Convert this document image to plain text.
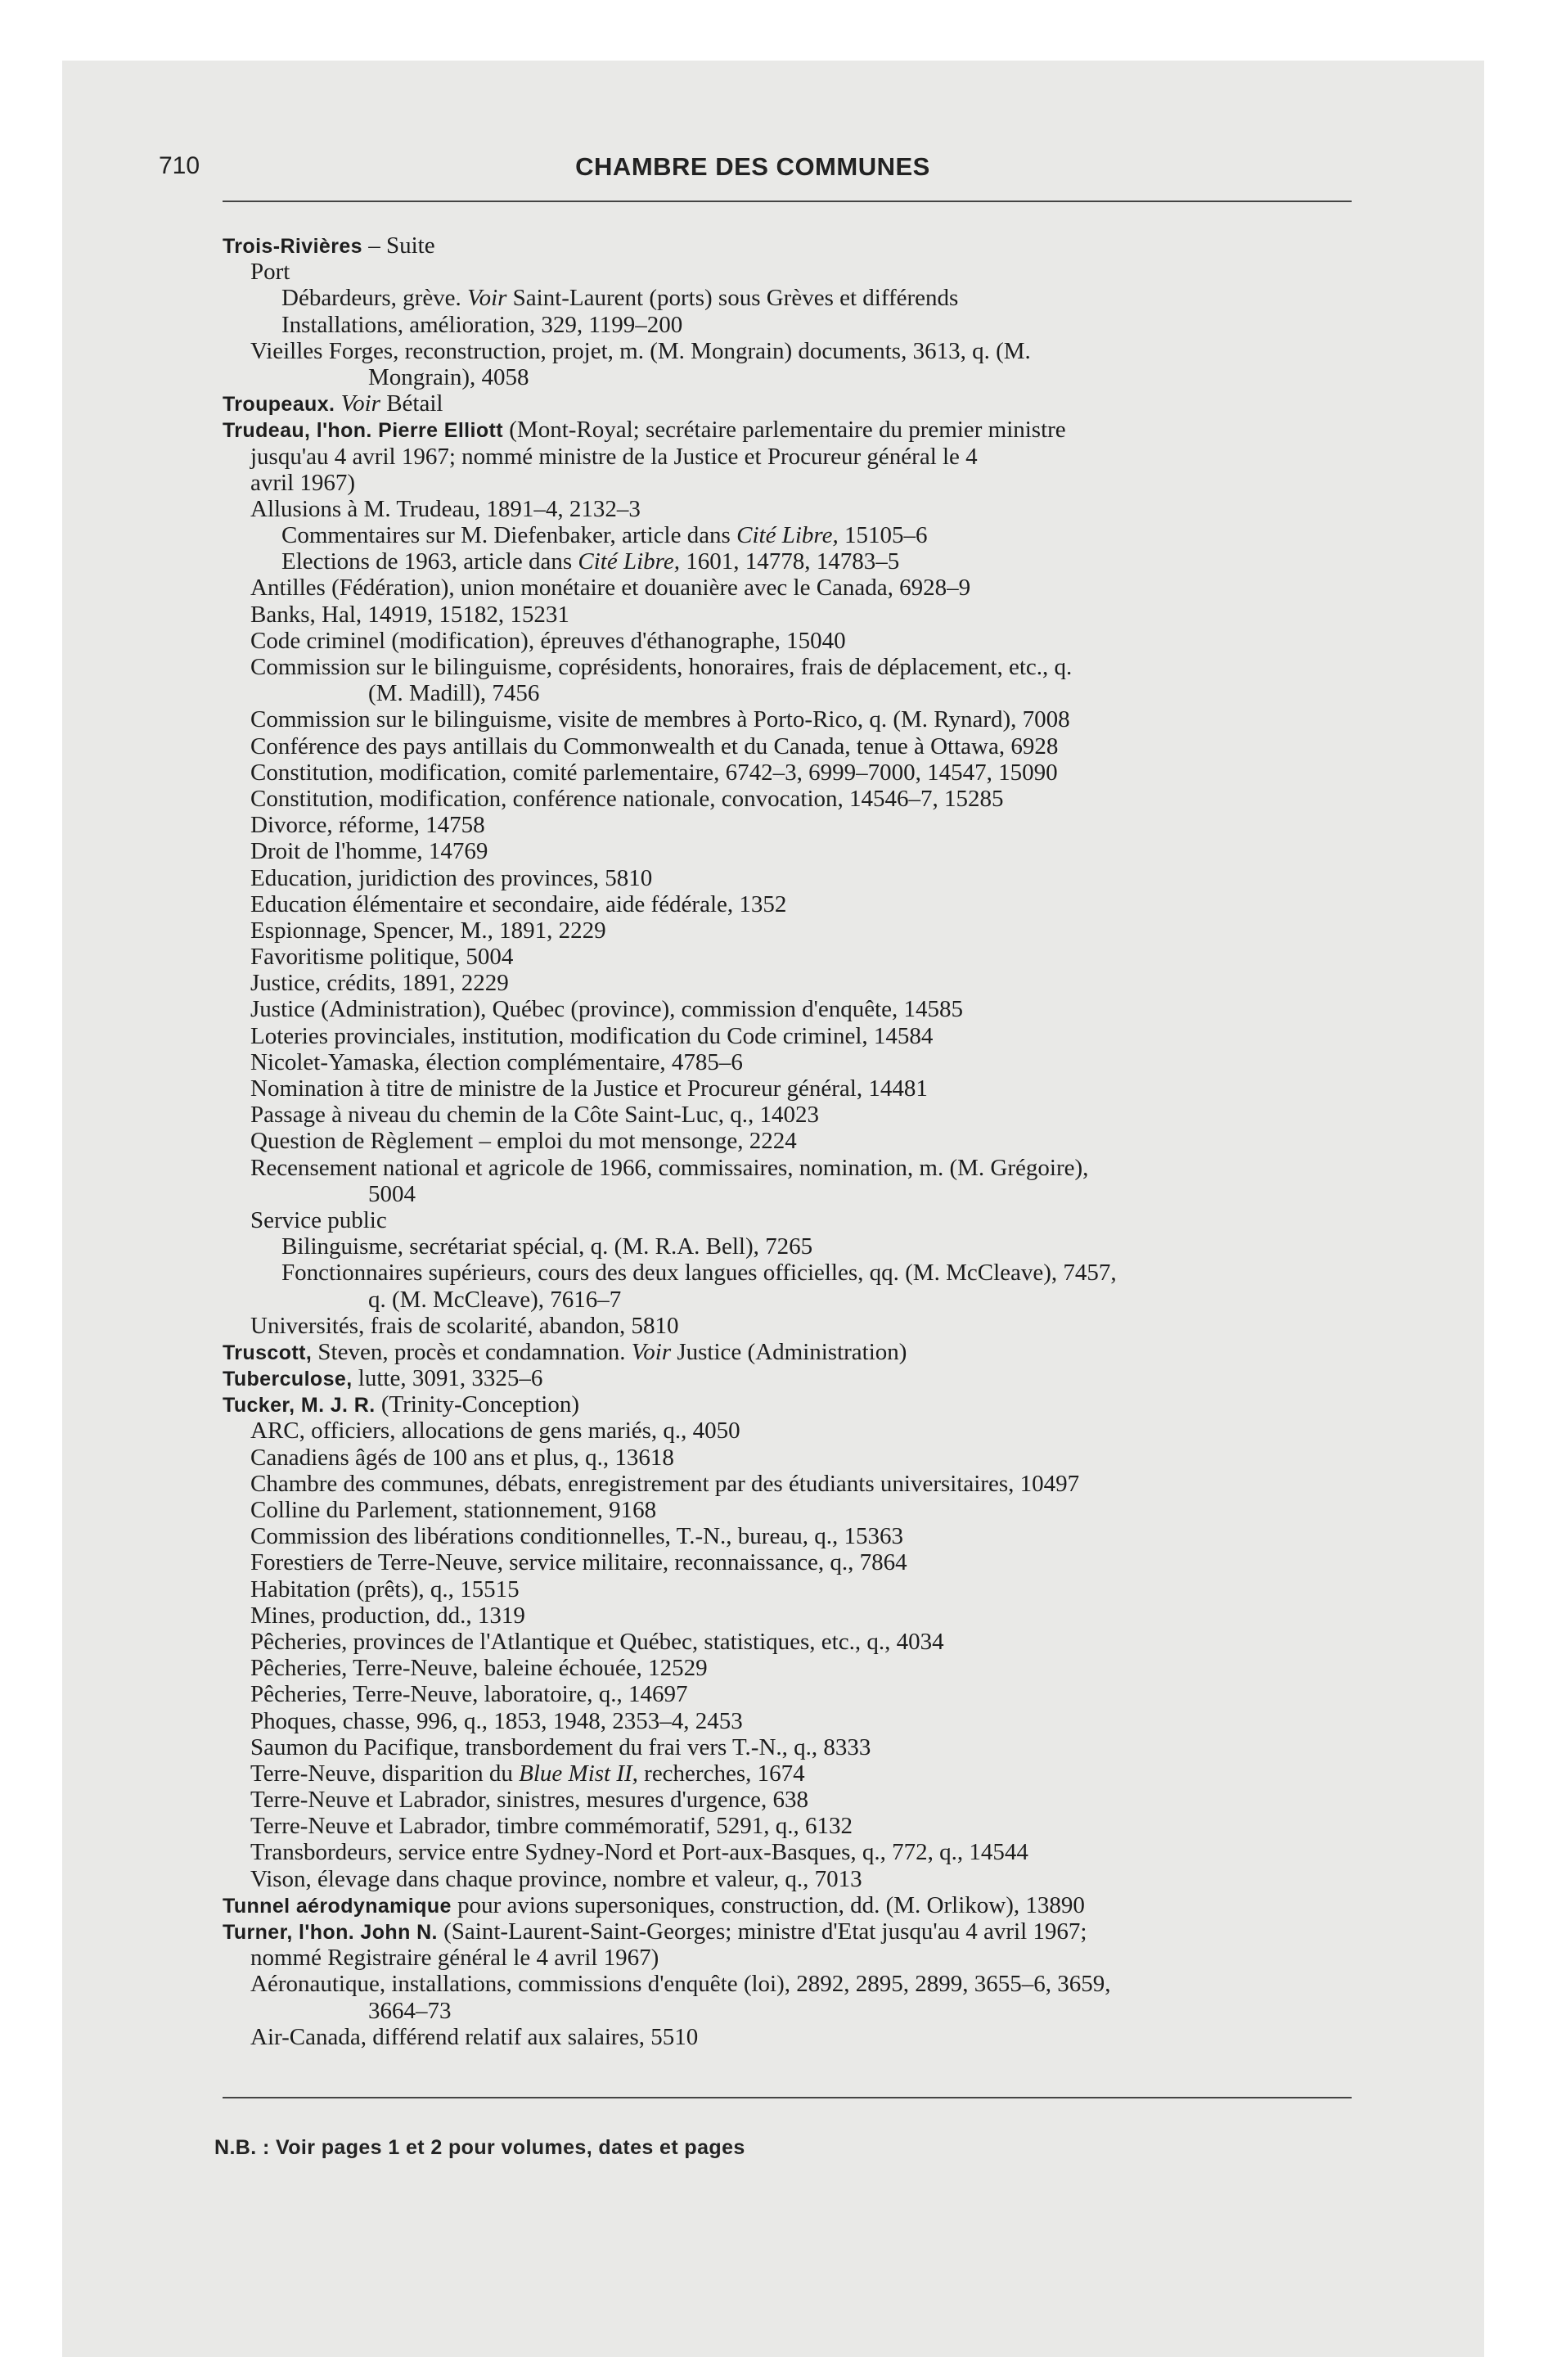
710	CHAMBRE DES COMMUNES
Trois-Rivières – Suite
Port
Débardeurs, grève. Voir Saint-Laurent (ports) sous Grèves et différends
Installations, amélioration, 329, 1199–200
Vieilles Forges, reconstruction, projet, m. (M. Mongrain) documents, 3613, q. (M.
Mongrain), 4058
Troupeaux. Voir Bétail
Trudeau, l'hon. Pierre Elliott (Mont-Royal; secrétaire parlementaire du premier ministre
jusqu'au 4 avril 1967; nommé ministre de la Justice et Procureur général le 4
avril 1967)
Allusions à M. Trudeau, 1891–4, 2132–3
Commentaires sur M. Diefenbaker, article dans Cité Libre, 15105–6
Elections de 1963, article dans Cité Libre, 1601, 14778, 14783–5
Antilles (Fédération), union monétaire et douanière avec le Canada, 6928–9
Banks, Hal, 14919, 15182, 15231
Code criminel (modification), épreuves d'éthanographe, 15040
Commission sur le bilinguisme, coprésidents, honoraires, frais de déplacement, etc., q.
(M. Madill), 7456
Commission sur le bilinguisme, visite de membres à Porto-Rico, q. (M. Rynard), 7008
Conférence des pays antillais du Commonwealth et du Canada, tenue à Ottawa, 6928
Constitution, modification, comité parlementaire, 6742–3, 6999–7000, 14547, 15090
Constitution, modification, conférence nationale, convocation, 14546–7, 15285
Divorce, réforme, 14758
Droit de l'homme, 14769
Education, juridiction des provinces, 5810
Education élémentaire et secondaire, aide fédérale, 1352
Espionnage, Spencer, M., 1891, 2229
Favoritisme politique, 5004
Justice, crédits, 1891, 2229
Justice (Administration), Québec (province), commission d'enquête, 14585
Loteries provinciales, institution, modification du Code criminel, 14584
Nicolet-Yamaska, élection complémentaire, 4785–6
Nomination à titre de ministre de la Justice et Procureur général, 14481
Passage à niveau du chemin de la Côte Saint-Luc, q., 14023
Question de Règlement – emploi du mot mensonge, 2224
Recensement national et agricole de 1966, commissaires, nomination, m. (M. Grégoire),
5004
Service public
Bilinguisme, secrétariat spécial, q. (M. R.A. Bell), 7265
Fonctionnaires supérieurs, cours des deux langues officielles, qq. (M. McCleave), 7457,
q. (M. McCleave), 7616–7
Universités, frais de scolarité, abandon, 5810
Truscott, Steven, procès et condamnation. Voir Justice (Administration)
Tuberculose, lutte, 3091, 3325–6
Tucker, M. J. R. (Trinity-Conception)
ARC, officiers, allocations de gens mariés, q., 4050
Canadiens âgés de 100 ans et plus, q., 13618
Chambre des communes, débats, enregistrement par des étudiants universitaires, 10497
Colline du Parlement, stationnement, 9168
Commission des libérations conditionnelles, T.-N., bureau, q., 15363
Forestiers de Terre-Neuve, service militaire, reconnaissance, q., 7864
Habitation (prêts), q., 15515
Mines, production, dd., 1319
Pêcheries, provinces de l'Atlantique et Québec, statistiques, etc., q., 4034
Pêcheries, Terre-Neuve, baleine échouée, 12529
Pêcheries, Terre-Neuve, laboratoire, q., 14697
Phoques, chasse, 996, q., 1853, 1948, 2353–4, 2453
Saumon du Pacifique, transbordement du frai vers T.-N., q., 8333
Terre-Neuve, disparition du Blue Mist II, recherches, 1674
Terre-Neuve et Labrador, sinistres, mesures d'urgence, 638
Terre-Neuve et Labrador, timbre commémoratif, 5291, q., 6132
Transbordeurs, service entre Sydney-Nord et Port-aux-Basques, q., 772, q., 14544
Vison, élevage dans chaque province, nombre et valeur, q., 7013
Tunnel aérodynamique pour avions supersoniques, construction, dd. (M. Orlikow), 13890
Turner, l'hon. John N. (Saint-Laurent-Saint-Georges; ministre d'Etat jusqu'au 4 avril 1967;
nommé Registraire général le 4 avril 1967)
Aéronautique, installations, commissions d'enquête (loi), 2892, 2895, 2899, 3655–6, 3659,
3664–73
Air-Canada, différend relatif aux salaires, 5510
N.B. : Voir pages 1 et 2 pour volumes, dates et pages
